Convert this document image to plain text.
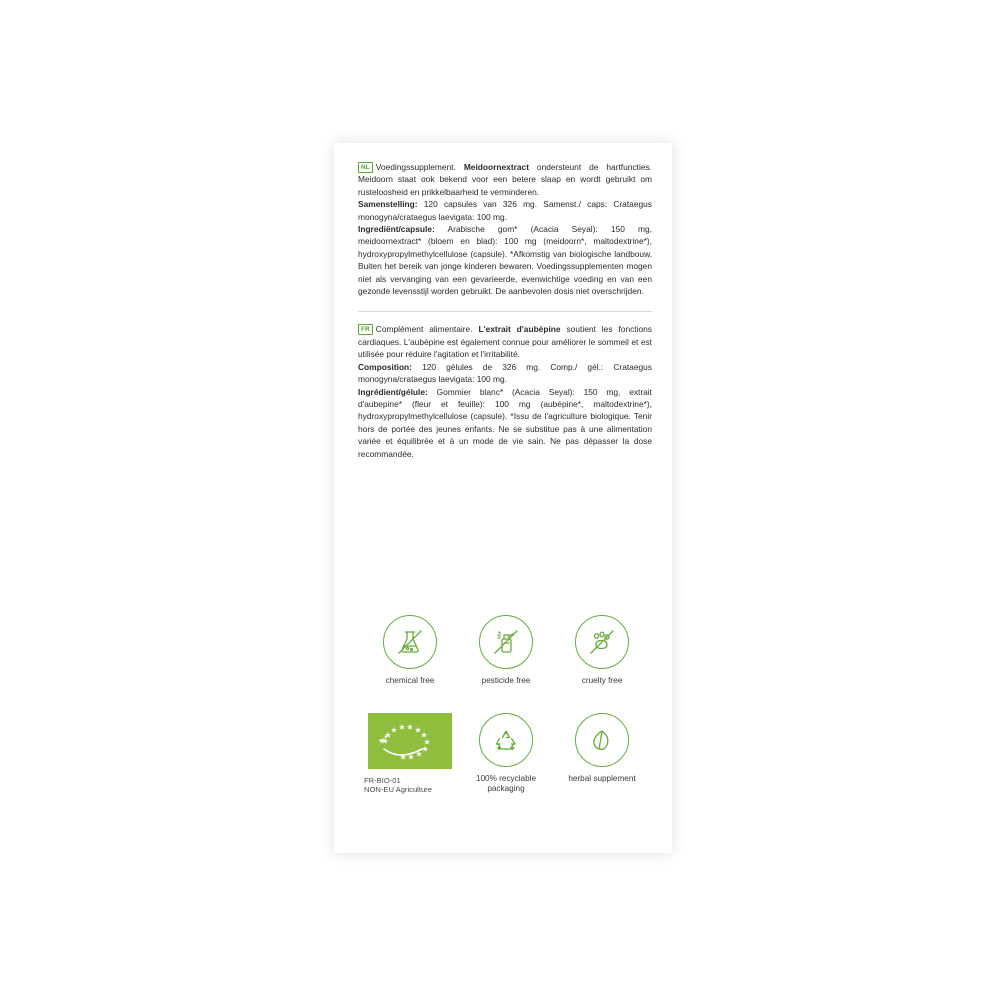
NL Voedingssupplement. Meidoornextract ondersteunt de hartfuncties. Meidoorn staat ook bekend voor een betere slaap en wordt gebruikt om rusteloosheid en prikkelbaarheid te verminderen.

Samenstelling: 120 capsules van 326 mg. Samenst./ caps: Crataegus monogyna/crataegus laevigata: 100 mg.

Ingrediënt/capsule: Arabische gom* (Acacia Seyal): 150 mg, meidoornextract* (bloem en blad): 100 mg (meidoorn*, maltodextrine*), hydroxypropylmethylcellulose (capsule). *Afkomstig van biologische landbouw. Buiten het bereik van jonge kinderen bewaren. Voedingssupplementen mogen niet als vervanging van een gevarieerde, evenwichtige voeding en van een gezonde levensstijl worden gebruikt. De aanbevolen dosis niet overschrijden.

FR Complément alimentaire. L'extrait d'aubépine soutient les fonctions cardiaques. L'aubépine est également connue pour améliorer le sommeil et est utilisée pour réduire l'agitation et l'irritabilité.

Composition: 120 gélules de 326 mg. Comp./ gél.: Crataegus monogyna/crataegus laevigata: 100 mg.

Ingrédient/gélule: Gommier blanc* (Acacia Seyal): 150 mg, extrait d'aubepine* (fleur et feuille): 100 mg (aubépine*, maltodextrine*), hydroxypropylmethylcellulose (capsule). *Issu de l'agriculture biologique. Tenir hors de portée des jeunes enfants. Ne se substitue pas à une alimentation variée et équilibrée et à un mode de vie sain. Ne pas dépasser la dose recommandée.

chemical free	pesticide free	cruelty free
FR-BIO-01
NON-EU Agriculture
100% recyclable packaging
herbal supplement
